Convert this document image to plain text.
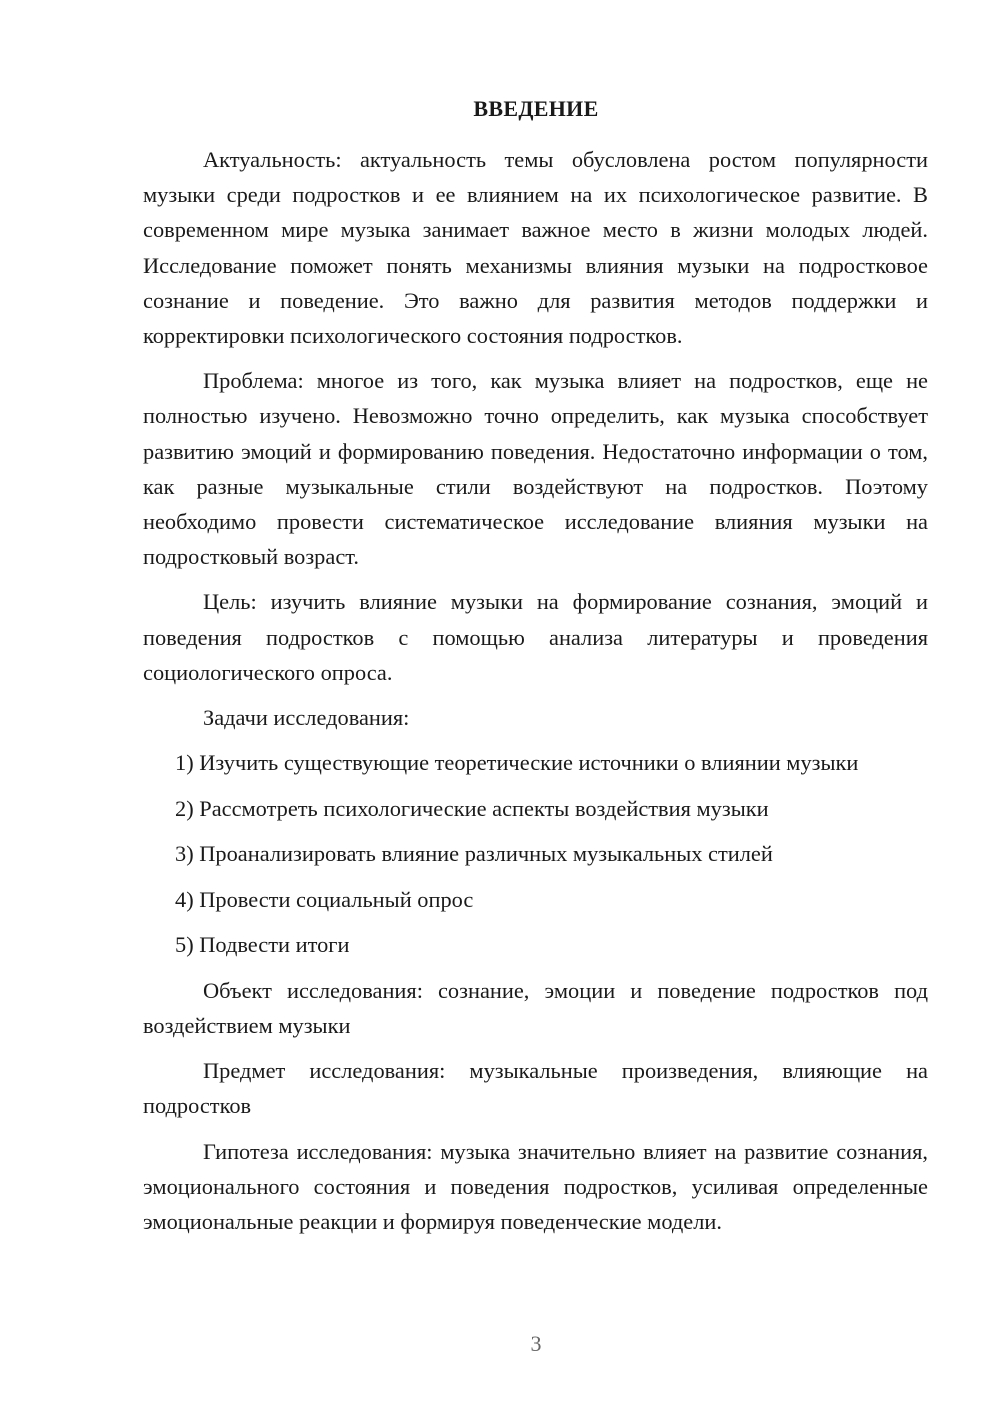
ВВЕДЕНИЕ

Актуальность: актуальность темы обусловлена ростом популярности музыки среди подростков и ее влиянием на их психологическое развитие. В современном мире музыка занимает важное место в жизни молодых людей. Исследование поможет понять механизмы влияния музыки на подростковое сознание и поведение. Это важно для развития методов поддержки и корректировки психологического состояния подростков.

Проблема: многое из того, как музыка влияет на подростков, еще не полностью изучено. Невозможно точно определить, как музыка способствует развитию эмоций и формированию поведения. Недостаточно информации о том, как разные музыкальные стили воздействуют на подростков. Поэтому необходимо провести систематическое исследование влияния музыки на подростковый возраст.

Цель: изучить влияние музыки на формирование сознания, эмоций и поведения подростков с помощью анализа литературы и проведения социологического опроса.

Задачи исследования:

1) Изучить существующие теоретические источники о влиянии музыки
2) Рассмотреть психологические аспекты воздействия музыки
3) Проанализировать влияние различных музыкальных стилей
4) Провести социальный опрос
5) Подвести итоги

Объект исследования: сознание, эмоции и поведение подростков под воздействием музыки

Предмет исследования: музыкальные произведения, влияющие на подростков

Гипотеза исследования: музыка значительно влияет на развитие сознания, эмоционального состояния и поведения подростков, усиливая определенные эмоциональные реакции и формируя поведенческие модели.

3
